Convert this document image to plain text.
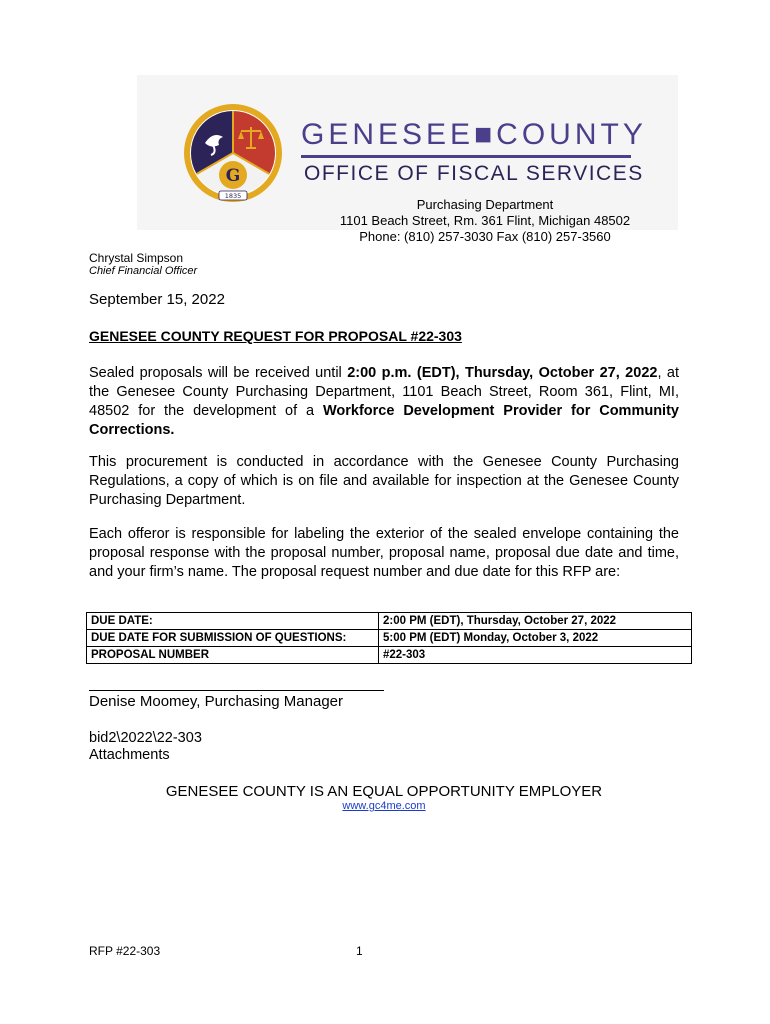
G
1835
GENESEE■COUNTY
OFFICE OF FISCAL SERVICES
Purchasing Department
1101 Beach Street, Rm. 361 Flint, Michigan 48502
Phone: (810) 257-3030 Fax (810) 257-3560
Chrystal Simpson
Chief Financial Officer
September 15, 2022
GENESEE COUNTY REQUEST FOR PROPOSAL #22-303
Sealed proposals will be received until 2:00 p.m. (EDT), Thursday, October 27, 2022, at the Genesee County Purchasing Department, 1101 Beach Street, Room 361, Flint, MI, 48502 for the development of a Workforce Development Provider for Community Corrections.
This procurement is conducted in accordance with the Genesee County Purchasing Regulations, a copy of which is on file and available for inspection at the Genesee County Purchasing Department.
Each offeror is responsible for labeling the exterior of the sealed envelope containing the proposal response with the proposal number, proposal name, proposal due date and time, and your firm’s name. The proposal request number and due date for this RFP are:
DUE DATE:	2:00 PM (EDT), Thursday, October 27, 2022
DUE DATE FOR SUBMISSION OF QUESTIONS:	5:00 PM (EDT) Monday, October 3, 2022
PROPOSAL NUMBER	#22-303
Denise Moomey, Purchasing Manager
bid2\2022\22-303
Attachments
GENESEE COUNTY IS AN EQUAL OPPORTUNITY EMPLOYER
www.gc4me.com
RFP #22-303	1
